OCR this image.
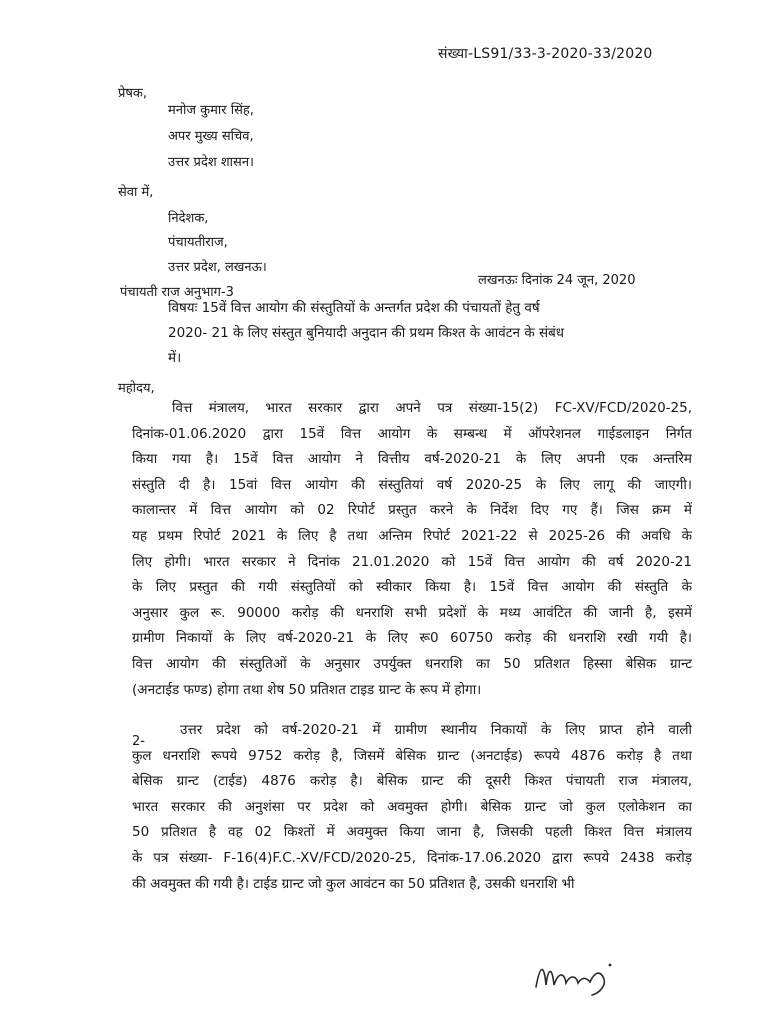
संख्या-LS91/33-3-2020-33/2020
प्रेषक,
मनोज कुमार सिंह,
अपर मुख्य सचिव,
उत्तर प्रदेश शासन।
सेवा में,
निदेशक,
पंचायतीराज,
उत्तर प्रदेश, लखनऊ।
पंचायती राज अनुभाग-3
लखनऊः दिनांक 24 जून, 2020
विषयः 15वें वित्त आयोग की संस्तुतियों के अन्तर्गत प्रदेश की पंचायतों हेतु वर्ष
2020- 21 के लिए संस्तुत बुनियादी अनुदान की प्रथम किश्त के आवंटन के संबंध
में।
महोदय,
वित्त मंत्रालय, भारत सरकार द्वारा अपने पत्र संख्या-15(2) FC-XV/FCD/2020-25,
दिनांक-01.06.2020 द्वारा 15वें वित्त आयोग के सम्बन्ध में ऑपरेशनल गाईडलाइन निर्गत
किया गया है। 15वें वित्त आयोग ने वित्तीय वर्ष-2020-21 के लिए अपनी एक अन्तरिम
संस्तुति दी है। 15वां वित्त आयोग की संस्तुतियां वर्ष 2020-25 के लिए लागू की जाएगी।
कालान्तर में वित्त आयोग को 02 रिपोर्ट प्रस्तुत करने के निर्देश दिए गए हैं। जिस क्रम में
यह प्रथम रिपोर्ट 2021 के लिए है तथा अन्तिम रिपोर्ट 2021-22 से 2025-26 की अवधि के
लिए होगी। भारत सरकार ने दिनांक 21.01.2020 को 15वें वित्त आयोग की वर्ष 2020-21
के लिए प्रस्तुत की गयी संस्तुतियों को स्वीकार किया है। 15वें वित्त आयोग की संस्तुति के
अनुसार कुल रू. 90000 करोड़ की धनराशि सभी प्रदेशों के मध्य आवंटित की जानी है, इसमें
ग्रामीण निकायों के लिए वर्ष-2020-21 के लिए रू0 60750 करोड़ की धनराशि रखी गयी है।
वित्त आयोग की संस्तुतिओं के अनुसार उपर्युक्त धनराशि का 50 प्रतिशत हिस्सा बेसिक ग्रान्ट
(अनटाईड फण्ड) होगा तथा शेष 50 प्रतिशत टाइड ग्रान्ट के रूप में होगा।
2-
उत्तर प्रदेश को वर्ष-2020-21 में ग्रामीण स्थानीय निकायों के लिए प्राप्त होने वाली
कुल धनराशि रूपये 9752 करोड़ है, जिसमें बेसिक ग्रान्ट (अनटाईड) रूपये 4876 करोड़ है तथा
बेसिक ग्रान्ट (टाईड) 4876 करोड़ है। बेसिक ग्रान्ट की दूसरी किश्त पंचायती राज मंत्रालय,
भारत सरकार की अनुशंसा पर प्रदेश को अवमुक्त होगी। बेसिक ग्रान्ट जो कुल एलोकेशन का
50 प्रतिशत है वह 02 किश्तों में अवमुक्त किया जाना है, जिसकी पहली किश्त वित्त मंत्रालय
के पत्र संख्या- F-16(4)F.C.-XV/FCD/2020-25, दिनांक-17.06.2020 द्वारा रूपये 2438 करोड़
की अवमुक्त की गयी है। टाईड ग्रान्ट जो कुल आवंटन का 50 प्रतिशत है, उसकी धनराशि भी
